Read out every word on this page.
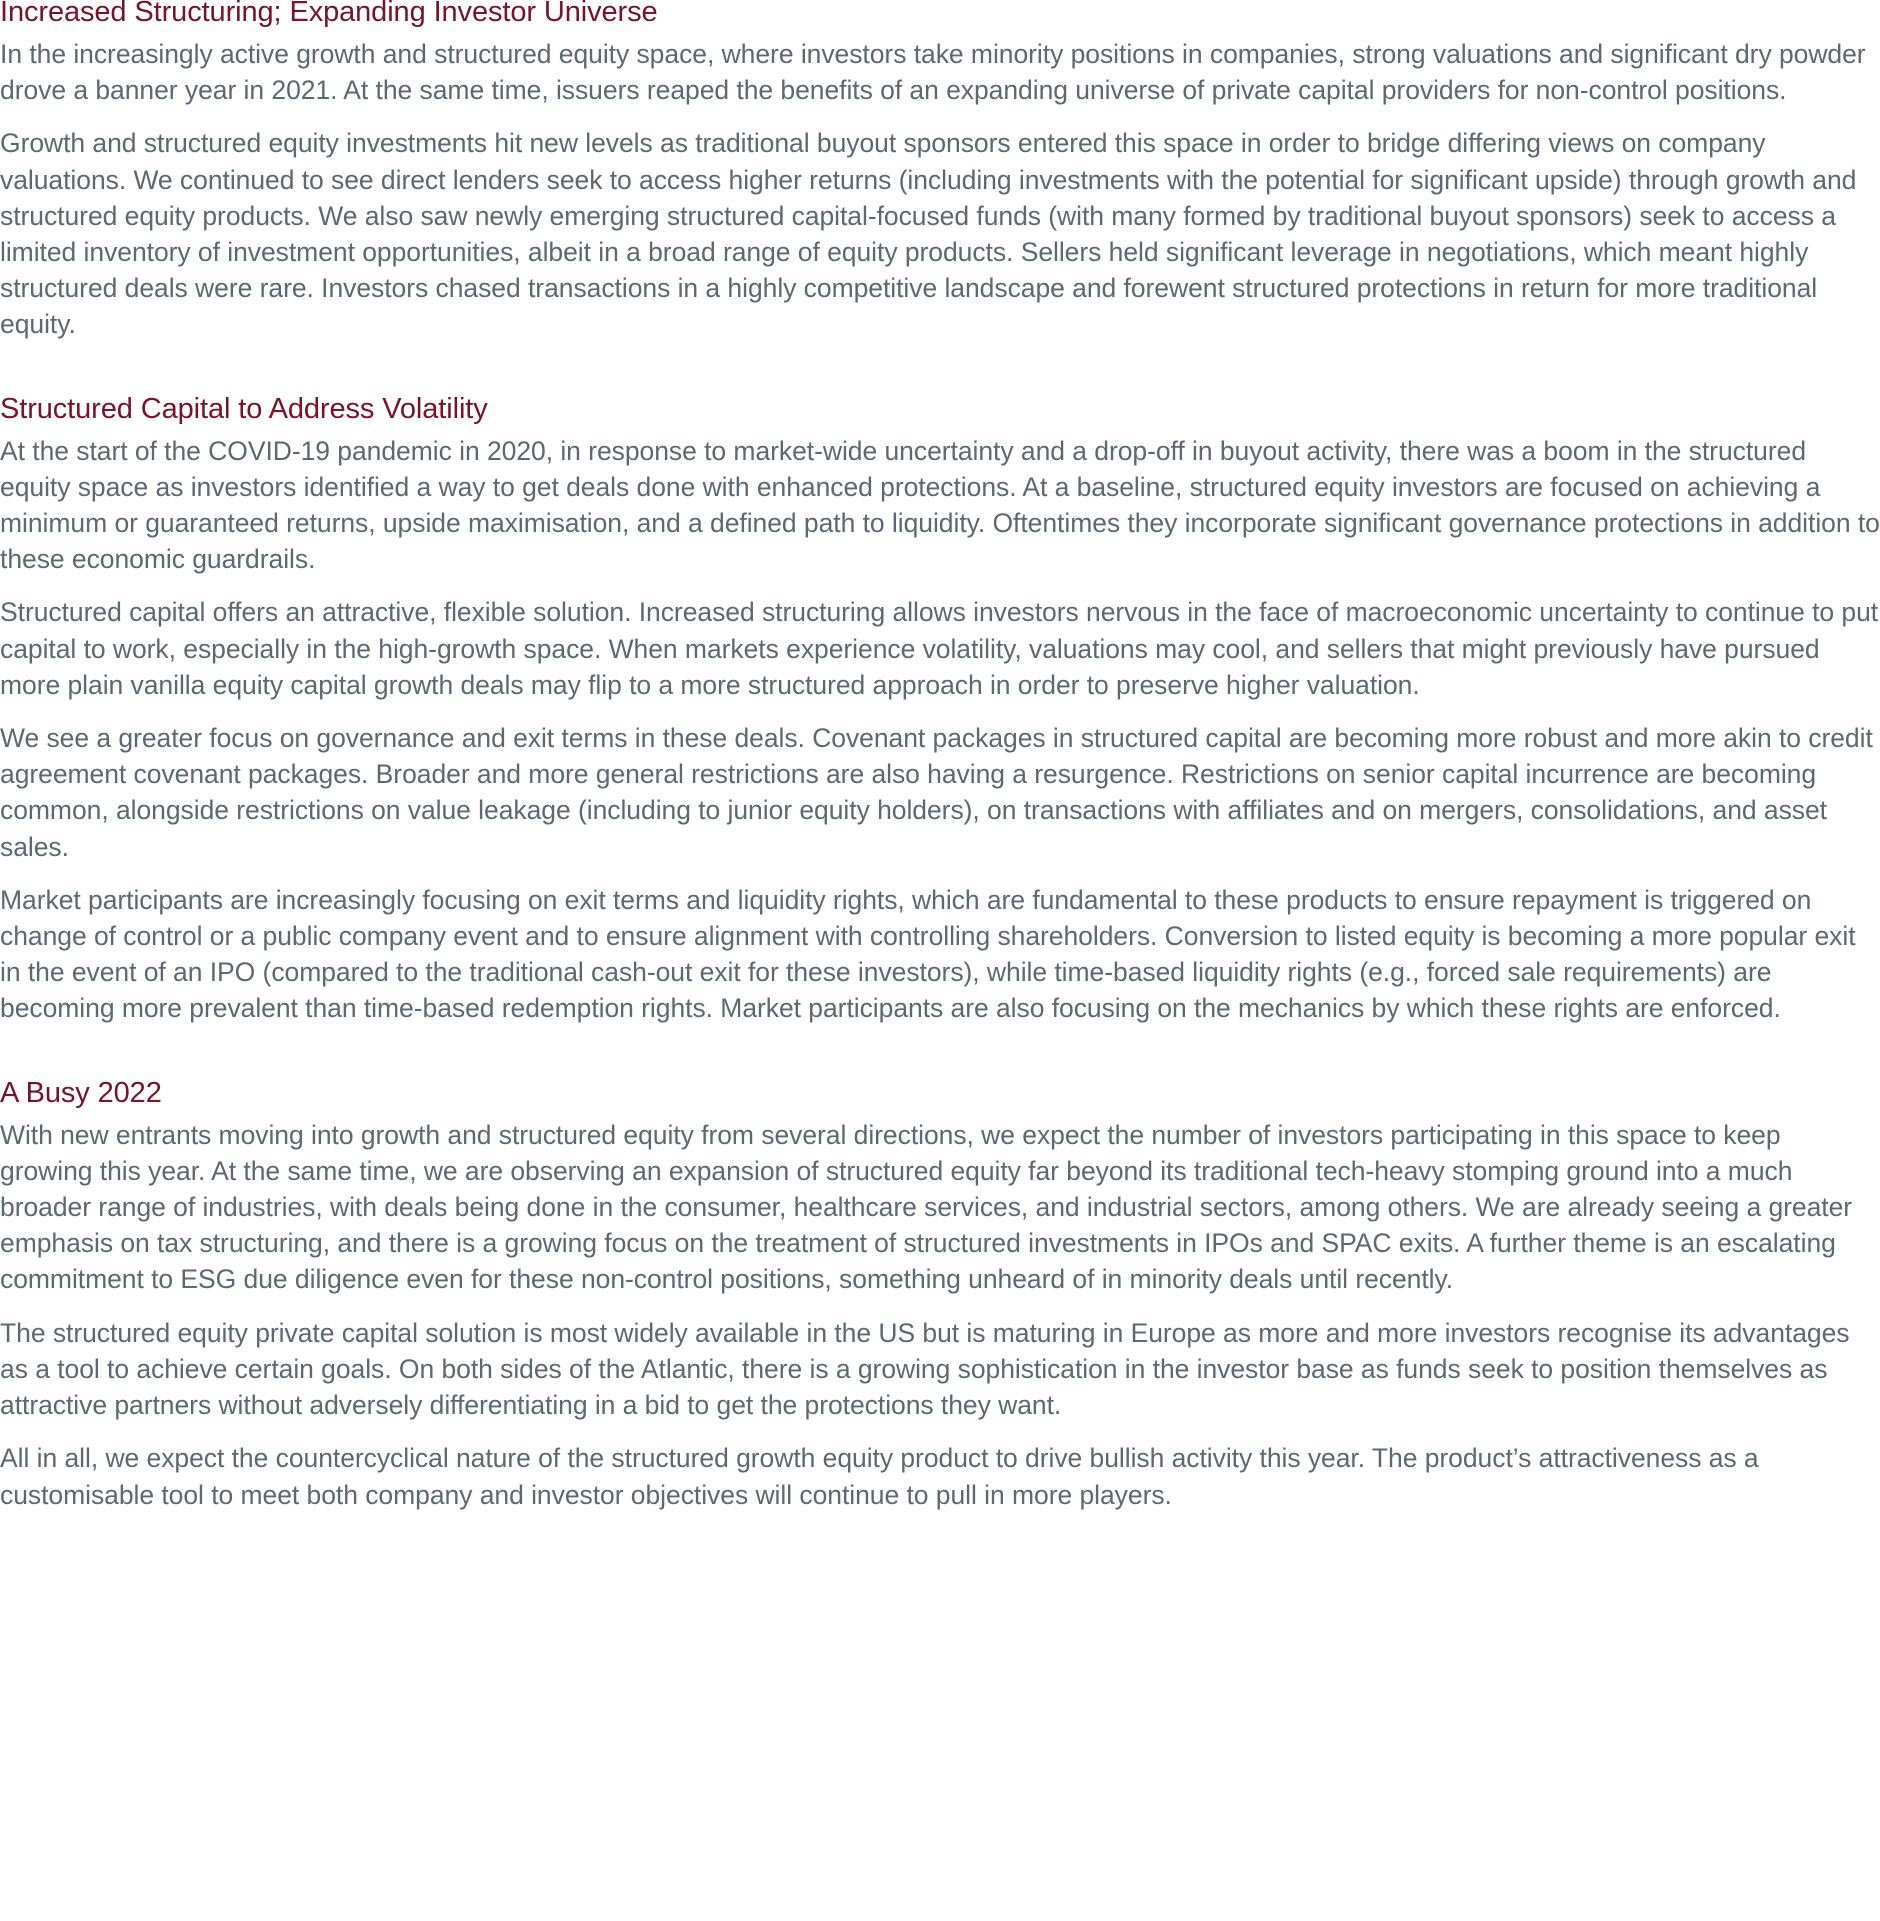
Increased Structuring; Expanding Investor Universe

In the increasingly active growth and structured equity space, where investors take minority positions in companies, strong valuations and significant dry powder drove a banner year in 2021. At the same time, issuers reaped the benefits of an expanding universe of private capital providers for non-control positions.

Growth and structured equity investments hit new levels as traditional buyout sponsors entered this space in order to bridge differing views on company valuations. We continued to see direct lenders seek to access higher returns (including investments with the potential for significant upside) through growth and structured equity products. We also saw newly emerging structured capital-focused funds (with many formed by traditional buyout sponsors) seek to access a limited inventory of investment opportunities, albeit in a broad range of equity products. Sellers held significant leverage in negotiations, which meant highly structured deals were rare. Investors chased transactions in a highly competitive landscape and forewent structured protections in return for more traditional equity.

Structured Capital to Address Volatility

At the start of the COVID-19 pandemic in 2020, in response to market-wide uncertainty and a drop-off in buyout activity, there was a boom in the structured equity space as investors identified a way to get deals done with enhanced protections. At a baseline, structured equity investors are focused on achieving a minimum or guaranteed returns, upside maximisation, and a defined path to liquidity. Oftentimes they incorporate significant governance protections in addition to these economic guardrails.

Structured capital offers an attractive, flexible solution. Increased structuring allows investors nervous in the face of macroeconomic uncertainty to continue to put capital to work, especially in the high-growth space. When markets experience volatility, valuations may cool, and sellers that might previously have pursued more plain vanilla equity capital growth deals may flip to a more structured approach in order to preserve higher valuation.

We see a greater focus on governance and exit terms in these deals. Covenant packages in structured capital are becoming more robust and more akin to credit agreement covenant packages. Broader and more general restrictions are also having a resurgence. Restrictions on senior capital incurrence are becoming common, alongside restrictions on value leakage (including to junior equity holders), on transactions with affiliates and on mergers, consolidations, and asset sales.

Market participants are increasingly focusing on exit terms and liquidity rights, which are fundamental to these products to ensure repayment is triggered on change of control or a public company event and to ensure alignment with controlling shareholders. Conversion to listed equity is becoming a more popular exit in the event of an IPO (compared to the traditional cash-out exit for these investors), while time-based liquidity rights (e.g., forced sale requirements) are becoming more prevalent than time-based redemption rights. Market participants are also focusing on the mechanics by which these rights are enforced.

A Busy 2022

With new entrants moving into growth and structured equity from several directions, we expect the number of investors participating in this space to keep growing this year. At the same time, we are observing an expansion of structured equity far beyond its traditional tech-heavy stomping ground into a much broader range of industries, with deals being done in the consumer, healthcare services, and industrial sectors, among others. We are already seeing a greater emphasis on tax structuring, and there is a growing focus on the treatment of structured investments in IPOs and SPAC exits. A further theme is an escalating commitment to ESG due diligence even for these non-control positions, something unheard of in minority deals until recently.

The structured equity private capital solution is most widely available in the US but is maturing in Europe as more and more investors recognise its advantages as a tool to achieve certain goals. On both sides of the Atlantic, there is a growing sophistication in the investor base as funds seek to position themselves as attractive partners without adversely differentiating in a bid to get the protections they want.

All in all, we expect the countercyclical nature of the structured growth equity product to drive bullish activity this year. The product’s attractiveness as a customisable tool to meet both company and investor objectives will continue to pull in more players.
